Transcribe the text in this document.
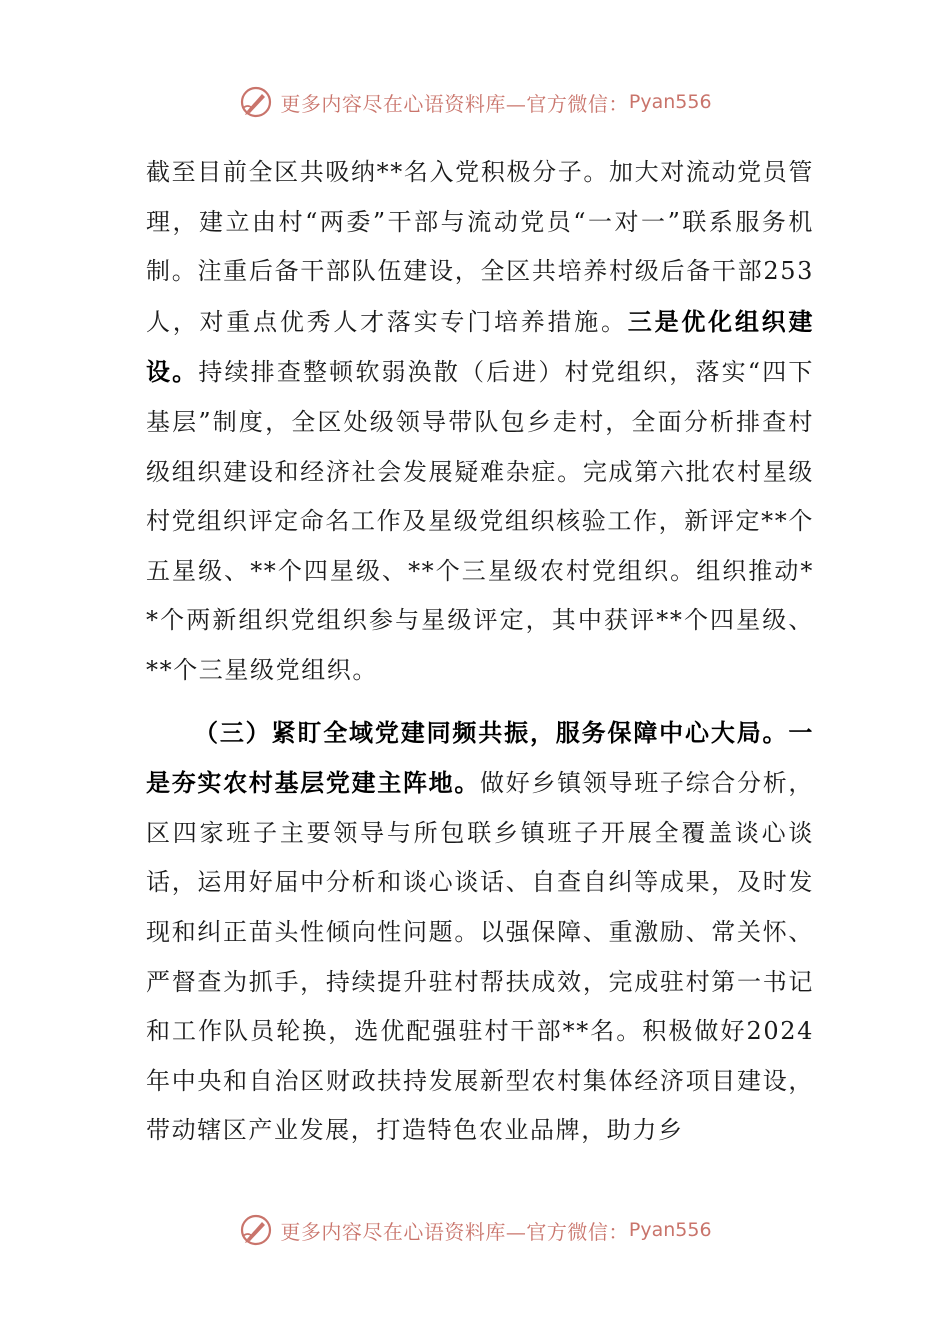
更多内容尽在心语资料库—官方微信： Pyan556

截至目前全区共吸纳**名入党积极分子。加大对流动党员管理，建立由村“两委”干部与流动党员“一对一”联系服务机制。注重后备干部队伍建设，全区共培养村级后备干部253人，对重点优秀人才落实专门培养措施。三是优化组织建设。持续排查整顿软弱涣散（后进）村党组织，落实“四下基层”制度，全区处级领导带队包乡走村，全面分析排查村级组织建设和经济社会发展疑难杂症。完成第六批农村星级村党组织评定命名工作及星级党组织核验工作，新评定**个五星级、**个四星级、**个三星级农村党组织。组织推动**个两新组织党组织参与星级评定，其中获评**个四星级、**个三星级党组织。

（三）紧盯全域党建同频共振，服务保障中心大局。一是夯实农村基层党建主阵地。做好乡镇领导班子综合分析，区四家班子主要领导与所包联乡镇班子开展全覆盖谈心谈话，运用好届中分析和谈心谈话、自查自纠等成果，及时发现和纠正苗头性倾向性问题。以强保障、重激励、常关怀、严督查为抓手，持续提升驻村帮扶成效，完成驻村第一书记和工作队员轮换，选优配强驻村干部**名。积极做好2024年中央和自治区财政扶持发展新型农村集体经济项目建设，带动辖区产业发展，打造特色农业品牌，助力乡

更多内容尽在心语资料库—官方微信： Pyan556
